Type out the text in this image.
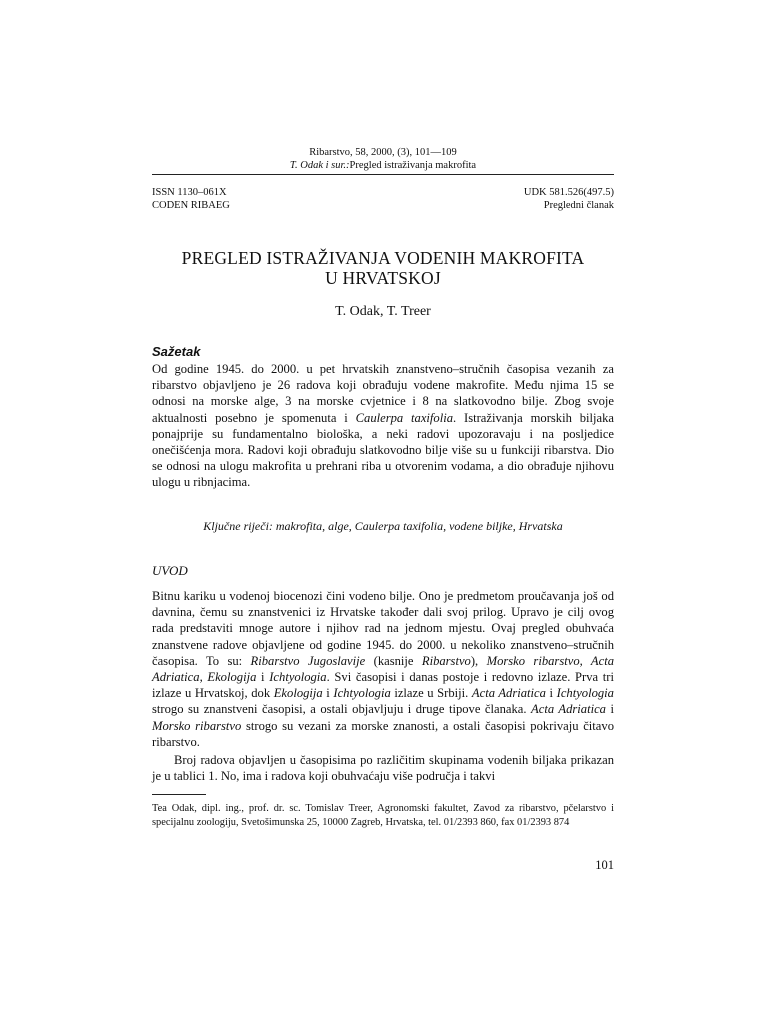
Ribarstvo, 58, 2000, (3), 101—109
T. Odak i sur.:Pregled istraživanja makrofita
ISSN 1130–061X
CODEN RIBAEG
UDK 581.526(497.5)
Pregledni članak
PREGLED ISTRAŽIVANJA VODENIH MAKROFITA
U HRVATSKOJ
T. Odak, T. Treer
Sažetak
Od godine 1945. do 2000. u pet hrvatskih znanstveno–stručnih časopisa vezanih za ribarstvo objavljeno je 26 radova koji obrađuju vodene makrofite. Među njima 15 se odnosi na morske alge, 3 na morske cvjetnice i 8 na slatkovodno bilje. Zbog svoje aktualnosti posebno je spomenuta i Caulerpa taxifolia. Istraživanja morskih biljaka ponajprije su fundamentalno biološka, a neki radovi upozoravaju i na posljedice onečišćenja mora. Radovi koji obrađuju slatkovodno bilje više su u funkciji ribarstva. Dio se odnosi na ulogu makrofita u prehrani riba u otvorenim vodama, a dio obrađuje njihovu ulogu u ribnjacima.
Ključne riječi: makrofita, alge, Caulerpa taxifolia, vodene biljke, Hrvatska
UVOD
Bitnu kariku u vodenoj biocenozi čini vodeno bilje. Ono je predmetom proučavanja još od davnina, čemu su znanstvenici iz Hrvatske također dali svoj prilog. Upravo je cilj ovog rada predstaviti mnoge autore i njihov rad na jednom mjestu. Ovaj pregled obuhvaća znanstvene radove objavljene od godine 1945. do 2000. u nekoliko znanstveno–stručnih časopisa. To su: Ribarstvo Jugoslavije (kasnije Ribarstvo), Morsko ribarstvo, Acta Adriatica, Ekologija i Ichtyologia. Svi časopisi i danas postoje i redovno izlaze. Prva tri izlaze u Hrvatskoj, dok Ekologija i Ichtyologia izlaze u Srbiji. Acta Adriatica i Ichtyologia strogo su znanstveni časopisi, a ostali objavljuju i druge tipove članaka. Acta Adriatica i Morsko ribarstvo strogo su vezani za morske znanosti, a ostali časopisi pokrivaju čitavo ribarstvo.
Broj radova objavljen u časopisima po različitim skupinama vodenih biljaka prikazan je u tablici 1. No, ima i radova koji obuhvaćaju više područja i takvi
Tea Odak, dipl. ing., prof. dr. sc. Tomislav Treer, Agronomski fakultet, Zavod za ribarstvo, pčelarstvo i specijalnu zoologiju, Svetošimunska 25, 10000 Zagreb, Hrvatska, tel. 01/2393 860, fax 01/2393 874
101
